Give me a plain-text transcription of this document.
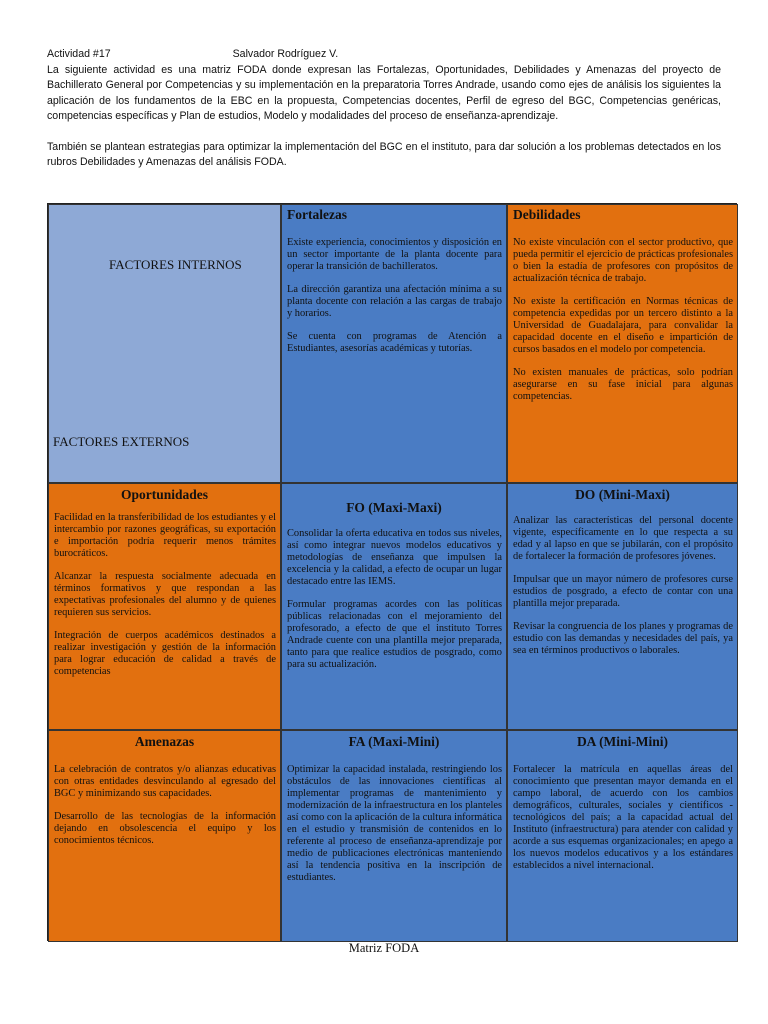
Actividad #17	Salvador Rodríguez V.

La siguiente actividad es una matriz FODA donde expresan las Fortalezas, Oportunidades, Debilidades y Amenazas del proyecto de Bachillerato General por Competencias y su implementación en la preparatoria Torres Andrade, usando como ejes de análisis los siguientes la aplicación de los fundamentos de la EBC en la propuesta, Competencias docentes, Perfil de egreso del BGC, Competencias genéricas, competencias específicas y Plan de estudios, Modelo y modalidades del proceso de enseñanza-aprendizaje.

También se plantean estrategias para optimizar la implementación del BGC en el instituto, para dar solución a los problemas detectados en los rubros Debilidades y Amenazas del análisis FODA.

FACTORES INTERNOS
FACTORES EXTERNOS
Fortalezas

Existe experiencia, conocimientos y disposición en un sector importante de la planta docente para operar la transición de bachilleratos.

La dirección garantiza una afectación mínima a su planta docente con relación a las cargas de trabajo y horarios.

Se cuenta con programas de Atención a Estudiantes, asesorías académicas y tutorías.

Debilidades

No existe vinculación con el sector productivo, que pueda permitir el ejercicio de prácticas profesionales o bien la estadía de profesores con propósitos de actualización técnica de trabajo.

No existe la certificación en Normas técnicas de competencia expedidas por un tercero distinto a la Universidad de Guadalajara, para convalidar la capacidad docente en el diseño e impartición de cursos basados en el modelo por competencia.

No existen manuales de prácticas, solo podrían asegurarse en su fase inicial para algunas competencias.

Oportunidades

Facilidad en la transferibilidad de los estudiantes y el intercambio por razones geográficas, su exportación e importación podría requerir menos trámites burocráticos.

Alcanzar la respuesta socialmente adecuada en términos formativos y que respondan a las expectativas profesionales del alumno y de quienes requieren sus servicios.

Integración de cuerpos académicos destinados a realizar investigación y gestión de la información para lograr educación de calidad a través de competencias

FO (Maxi-Maxi)

Consolidar la oferta educativa en todos sus niveles, así como integrar nuevos modelos educativos y metodologías de enseñanza que impulsen la excelencia y la calidad, a efecto de ocupar un lugar destacado entre las IEMS.

Formular programas acordes con las políticas públicas relacionadas con el mejoramiento del profesorado, a efecto de que el instituto Torres Andrade cuente con una plantilla mejor preparada, tanto para que realice estudios de posgrado, como para su actualización.

DO (Mini-Maxi)

Analizar las características del personal docente vigente, específicamente en lo que respecta a su edad y al lapso en que se jubilarán, con el propósito de fortalecer la formación de profesores jóvenes.

Impulsar que un mayor número de profesores curse estudios de posgrado, a efecto de contar con una plantilla mejor preparada.

Revisar la congruencia de los planes y programas de estudio con las demandas y necesidades del país, ya sea en términos productivos o laborales.

Amenazas

La celebración de contratos y/o alianzas educativas con otras entidades desvinculando al egresado del BGC y minimizando sus capacidades.

Desarrollo de las tecnologías de la información dejando en obsolescencia el equipo y los conocimientos técnicos.

FA (Maxi-Mini)

Optimizar la capacidad instalada, restringiendo los obstáculos de las innovaciones científicas al implementar programas de mantenimiento y modernización de la infraestructura en los planteles así como con la aplicación de la cultura informática en el estudio y transmisión de contenidos en lo referente al proceso de enseñanza-aprendizaje por medio de publicaciones electrónicas manteniendo así la tendencia positiva en la inscripción de estudiantes.

DA (Mini-Mini)

Fortalecer la matrícula en aquellas áreas del conocimiento que presentan mayor demanda en el campo laboral, de acuerdo con los cambios demográficos, culturales, sociales y científicos - tecnológicos del país; a la capacidad actual del Instituto (infraestructura) para atender con calidad y acorde a sus esquemas organizacionales; en apego a los nuevos modelos educativos y a los estándares establecidos a nivel internacional.

Matriz FODA
